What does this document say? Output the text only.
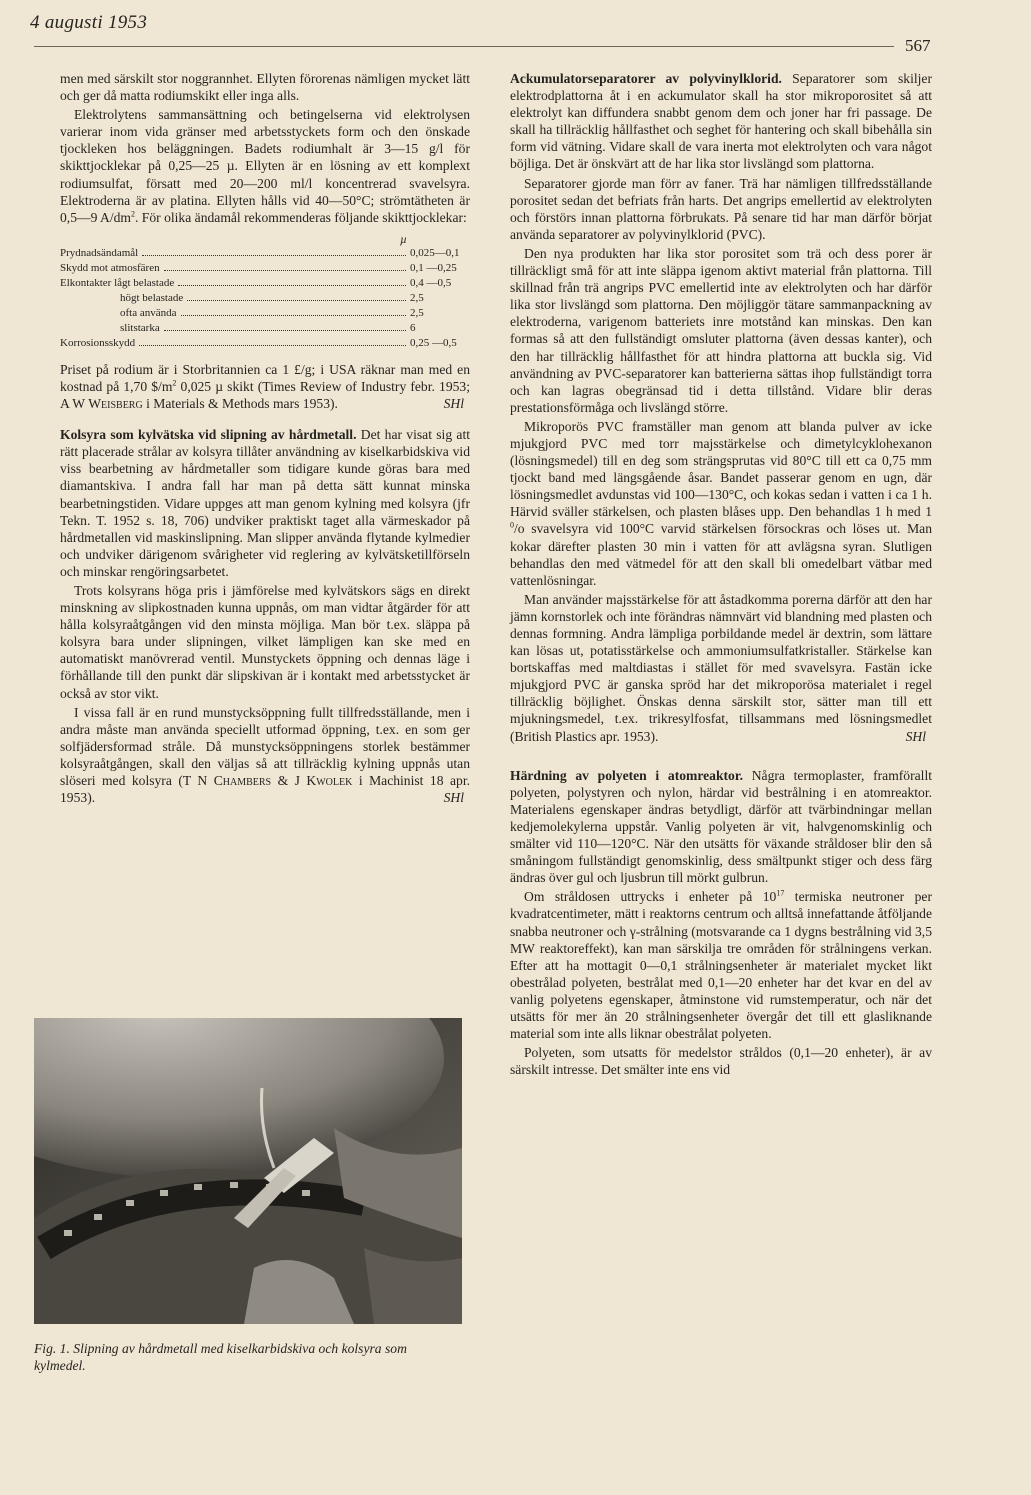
4 augusti 1953
567

men med särskilt stor noggrannhet. Ellyten förorenas nämligen mycket lätt och ger då matta rodiumskikt eller inga alls.

Elektrolytens sammansättning och betingelserna vid elektrolysen varierar inom vida gränser med arbetsstyckets form och den önskade tjockleken hos beläggningen. Badets rodiumhalt är 3—15 g/l för skikttjocklekar på 0,25—25 µ. Ellyten är en lösning av ett komplext rodiumsulfat, försatt med 20—200 ml/l koncentrerad svavelsyra. Elektroderna är av platina. Ellyten hålls vid 40—50°C; strömtätheten är 0,5—9 $A/dm^2$. För olika ändamål rekommenderas följande skikttjocklekar:

µ
Prydnadsändamål	0,025—0,1
Skydd mot atmosfären	0,1 —0,25
Elkontakter lågt belastade	0,4 —0,5
högt belastade	2,5
ofta använda	2,5
slitstarka	6
Korrosionsskydd	0,25 —0,5

Priset på rodium är i Storbritannien ca 1 £/g; i USA räknar man med en kostnad på 1,70 $\$/m^2$ 0,025 µ skikt (Times Review of Industry febr. 1953; A W Weisberg i Materials & Methods mars 1953).	SHl

Kolsyra som kylvätska vid slipning av hårdmetall. Det har visat sig att rätt placerade strålar av kolsyra tillåter användning av kiselkarbidskiva vid viss bearbetning av hårdmetaller som tidigare kunde göras bara med diamantskiva. I andra fall har man på detta sätt kunnat minska bearbetningstiden. Vidare uppges att man genom kylning med kolsyra (jfr Tekn. T. 1952 s. 18, 706) undviker praktiskt taget alla värmeskador på hårdmetallen vid maskinslipning. Man slipper använda flytande kylmedier och undviker därigenom svårigheter vid reglering av kylvätsketillförseln och minskar rengöringsarbetet.

Trots kolsyrans höga pris i jämförelse med kylvätskors sägs en direkt minskning av slipkostnaden kunna uppnås, om man vidtar åtgärder för att hålla kolsyraåtgången vid den minsta möjliga. Man bör t.ex. släppa på kolsyra bara under slipningen, vilket lämpligen kan ske med en automatiskt manövrerad ventil. Munstyckets öppning och dennas läge i förhållande till den punkt där slipskivan är i kontakt med arbetsstycket är också av stor vikt.

I vissa fall är en rund munstycksöppning fullt tillfredsställande, men i andra måste man använda speciellt utformad öppning, t.ex. en som ger solfjädersformad stråle. Då munstycksöppningens storlek bestämmer kolsyraåtgången, skall den väljas så att tillräcklig kylning uppnås utan slöseri med kolsyra (T N Chambers & J Kwolek i Machinist 18 apr. 1953).	SHl

Fig. 1. Slipning av hårdmetall med kiselkarbidskiva och kolsyra som kylmedel.

Ackumulatorseparatorer av polyvinylklorid. Separatorer som skiljer elektrodplattorna åt i en ackumulator skall ha stor mikroporositet så att elektrolyt kan diffundera snabbt genom dem och joner har fri passage. De skall ha tillräcklig hållfasthet och seghet för hantering och skall bibehålla sin form vid vätning. Vidare skall de vara inerta mot elektrolyten och vara något böjliga. Det är önskvärt att de har lika stor livslängd som plattorna.

Separatorer gjorde man förr av faner. Trä har nämligen tillfredsställande porositet sedan det befriats från harts. Det angrips emellertid av elektrolyten och förstörs innan plattorna förbrukats. På senare tid har man därför börjat använda separatorer av polyvinylklorid (PVC).

Den nya produkten har lika stor porositet som trä och dess porer är tillräckligt små för att inte släppa igenom aktivt material från plattorna. Till skillnad från trä angrips PVC emellertid inte av elektrolyten och har därför lika stor livslängd som plattorna. Den möjliggör tätare sammanpackning av elektroderna, varigenom batteriets inre motstånd kan minskas. Den kan formas så att den fullständigt omsluter plattorna (även dessas kanter), och den har tillräcklig hållfasthet för att hindra plattorna att buckla sig. Vid användning av PVC-separatorer kan batterierna sättas ihop fullständigt torra och kan lagras obegränsad tid i detta tillstånd. Vidare blir deras prestationsförmåga och livslängd större.

Mikroporös PVC framställer man genom att blanda pulver av icke mjukgjord PVC med torr majsstärkelse och dimetylcyklohexanon (lösningsmedel) till en deg som strängsprutas vid 80°C till ett ca 0,75 mm tjockt band med längsgående åsar. Bandet passerar genom en ugn, där lösningsmedlet avdunstas vid 100—130°C, och kokas sedan i vatten i ca 1 h. Härvid sväller stärkelsen, och plasten blåses upp. Den behandlas 1 h med 1 $^0$/o svavelsyra vid 100°C varvid stärkelsen försockras och löses ut. Man kokar därefter plasten 30 min i vatten för att avlägsna syran. Slutligen behandlas den med vätmedel för att den skall bli omedelbart vätbar med vattenlösningar.

Man använder majsstärkelse för att åstadkomma porerna därför att den har jämn kornstorlek och inte förändras nämnvärt vid blandning med plasten och dennas formning. Andra lämpliga porbildande medel är dextrin, som lättare kan lösas ut, potatisstärkelse och ammoniumsulfatkristaller. Stärkelse kan bortskaffas med maltdiastas i stället för med svavelsyra. Fastän icke mjukgjord PVC är ganska spröd har det mikroporösa materialet i regel tillräcklig böjlighet. Önskas denna särskilt stor, sätter man till ett mjukningsmedel, t.ex. trikresylfosfat, tillsammans med lösningsmedlet (British Plastics apr. 1953).	SHl

Härdning av polyeten i atomreaktor. Några termoplaster, framförallt polyeten, polystyren och nylon, härdar vid bestrålning i en atomreaktor. Materialens egenskaper ändras betydligt, därför att tvärbindningar mellan kedjemolekylerna uppstår. Vanlig polyeten är vit, halvgenomskinlig och smälter vid 110—120°C. När den utsätts för växande stråldoser blir den så småningom fullständigt genomskinlig, dess smältpunkt stiger och dess färg ändras över gul och ljusbrun till mörkt gulbrun.

Om stråldosen uttrycks i enheter på $10^{17}$ termiska neutroner per kvadratcentimeter, mätt i reaktorns centrum och alltså innefattande åtföljande snabba neutroner och γ-strålning (motsvarande ca 1 dygns bestrålning vid 3,5 MW reaktoreffekt), kan man särskilja tre områden för strålningens verkan. Efter att ha mottagit 0—0,1 strålningsenheter är materialet mycket likt obestrålad polyeten, bestrålat med 0,1—20 enheter har det kvar en del av vanlig polyetens egenskaper, åtminstone vid rumstemperatur, och när det utsätts för mer än 20 strålningsenheter övergår det till ett glasliknande material som inte alls liknar obestrålat polyeten.

Polyeten, som utsatts för medelstor stråldos (0,1—20 enheter), är av särskilt intresse. Det smälter inte ens vid
